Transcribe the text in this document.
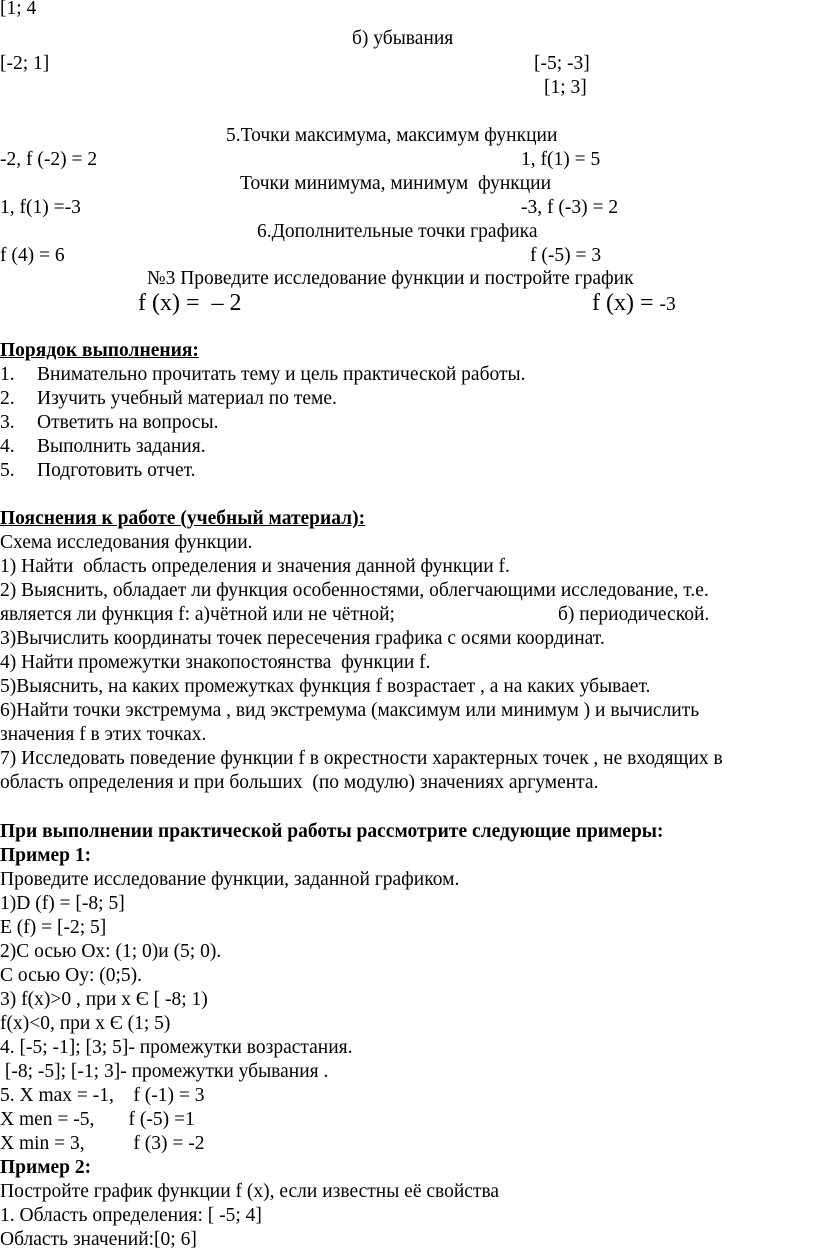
[1; 4
б) убывания
[-2; 1]	[-5; -3]
[1; 3]
5.Точки максимума, максимум функции
-2, f (-2) = 2	1, f(1) = 5
Точки минимума, минимум  функции
1, f(1) =-3	-3, f (-3) = 2
6.Дополнительные точки графика
f (4) = 6	f (-5) = 3
№3 Проведите исследование функции и постройте график
f (x) =  – 2	f (x) = -3
Порядок выполнения:
1. Внимательно прочитать тему и цель практической работы.
2. Изучить учебный материал по теме.
3. Ответить на вопросы.
4. Выполнить задания.
5. Подготовить отчет.
Пояснения к работе (учебный материал):
Схема исследования функции.
1) Найти  область определения и значения данной функции f.
2) Выяснить, обладает ли функция особенностями, облегчающими исследование, т.е.
является ли функция f: а)чётной или не чётной;	б) периодической.
3)Вычислить координаты точек пересечения графика с осями координат.
4) Найти промежутки знакопостоянства  функции f.
5)Выяснить, на каких промежутках функция f возрастает , а на каких убывает.
6)Найти точки экстремума , вид экстремума (максимум или минимум ) и вычислить
значения f в этих точках.
7) Исследовать поведение функции f в окрестности характерных точек , не входящих в
область определения и при больших  (по модулю) значениях аргумента.
При выполнении практической работы рассмотрите следующие примеры:
Пример 1:
Проведите исследование функции, заданной графиком.
1)D (f) = [-8; 5]
E (f) = [-2; 5]
2)С осью Ox: (1; 0)и (5; 0).
С осью Oy: (0;5).
3) f(x)>0 , при x Є [ -8; 1)
f(x)<0, при x Є (1; 5)
4. [-5; -1]; [3; 5]- промежутки возрастания.
[-8; -5]; [-1; 3]- промежутки убывания .
5. X max = -1,    f (-1) = 3
X men = -5,       f (-5) =1
X min = 3,          f (3) = -2
Пример 2:
Постройте график функции f (x), если известны её свойства
1. Область определения: [ -5; 4]
Область значений:[0; 6]
